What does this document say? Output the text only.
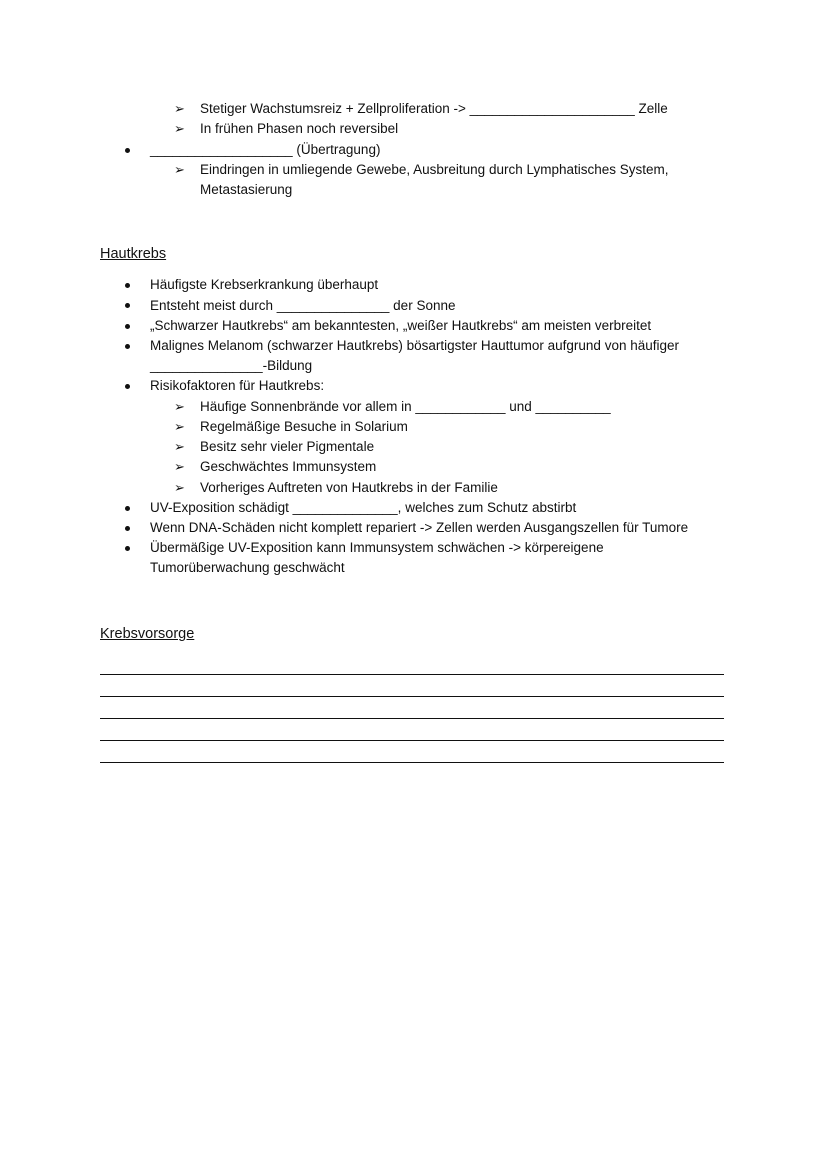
➢ Stetiger Wachstumsreiz + Zellproliferation -> ______________________ Zelle
➢ In frühen Phasen noch reversibel
___________________ (Übertragung)
➢ Eindringen in umliegende Gewebe, Ausbreitung durch Lymphatisches System,
Metastasierung
Hautkrebs
Häufigste Krebserkrankung überhaupt
Entsteht meist durch _______________ der Sonne
„Schwarzer Hautkrebs“ am bekanntesten, „weißer Hautkrebs“ am meisten verbreitet
Malignes Melanom (schwarzer Hautkrebs) bösartigster Hauttumor aufgrund von häufiger
_______________-Bildung
Risikofaktoren für Hautkrebs:
➢ Häufige Sonnenbrände vor allem in ____________ und __________
➢ Regelmäßige Besuche in Solarium
➢ Besitz sehr vieler Pigmentale
➢ Geschwächtes Immunsystem
➢ Vorheriges Auftreten von Hautkrebs in der Familie
UV-Exposition schädigt ______________, welches zum Schutz abstirbt
Wenn DNA-Schäden nicht komplett repariert -> Zellen werden Ausgangszellen für Tumore
Übermäßige UV-Exposition kann Immunsystem schwächen -> körpereigene
Tumorüberwachung geschwächt
Krebsvorsorge
